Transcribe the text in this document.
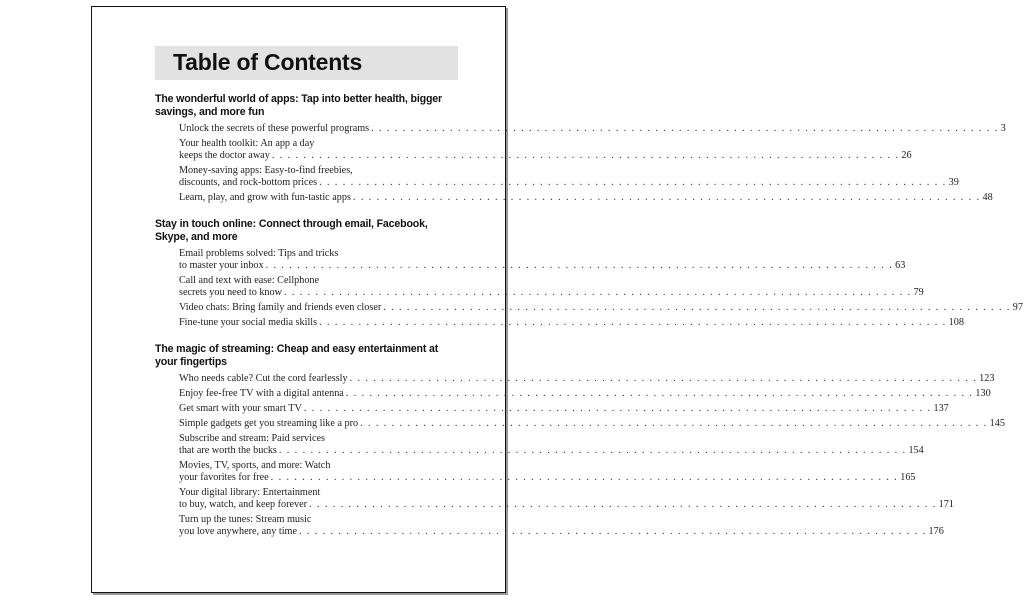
Table of Contents
The wonderful world of apps: Tap into better health, bigger savings, and more fun
Unlock the secrets of these powerful programs . . . . . . . . . . . . . . . . . . . . . . . . . . . . . . . . . . . . . . . . . . . . . . . . . . . . . . . . . . . . . . . . . . . . . . . . . . . . . . . . 3
Your health toolkit: An app a day
keeps the doctor away . . . . . . . . . . . . . . . . . . . . . . . . . . . . . . . . . . . . . . . . . . . . . . . . . . . . . . . . . . . . . . . . . . . . . . . . . . . . . . . . 26
Money-saving apps: Easy-to-find freebies,
discounts, and rock-bottom prices . . . . . . . . . . . . . . . . . . . . . . . . . . . . . . . . . . . . . . . . . . . . . . . . . . . . . . . . . . . . . . . . . . . . . . . . . . . . . . . . 39
Learn, play, and grow with fun-tastic apps . . . . . . . . . . . . . . . . . . . . . . . . . . . . . . . . . . . . . . . . . . . . . . . . . . . . . . . . . . . . . . . . . . . . . . . . . . . . . . . . 48
Stay in touch online: Connect through email, Facebook, Skype, and more
Email problems solved: Tips and tricks
to master your inbox . . . . . . . . . . . . . . . . . . . . . . . . . . . . . . . . . . . . . . . . . . . . . . . . . . . . . . . . . . . . . . . . . . . . . . . . . . . . . . . . 63
Call and text with ease: Cellphone
secrets you need to know . . . . . . . . . . . . . . . . . . . . . . . . . . . . . . . . . . . . . . . . . . . . . . . . . . . . . . . . . . . . . . . . . . . . . . . . . . . . . . . . 79
Video chats: Bring family and friends even closer . . . . . . . . . . . . . . . . . . . . . . . . . . . . . . . . . . . . . . . . . . . . . . . . . . . . . . . . . . . . . . . . . . . . . . . . . . . . . . . . 97
Fine-tune your social media skills . . . . . . . . . . . . . . . . . . . . . . . . . . . . . . . . . . . . . . . . . . . . . . . . . . . . . . . . . . . . . . . . . . . . . . . . . . . . . . . . 108
The magic of streaming: Cheap and easy entertainment at your fingertips
Who needs cable? Cut the cord fearlessly . . . . . . . . . . . . . . . . . . . . . . . . . . . . . . . . . . . . . . . . . . . . . . . . . . . . . . . . . . . . . . . . . . . . . . . . . . . . . . . . 123
Enjoy fee-free TV with a digital antenna . . . . . . . . . . . . . . . . . . . . . . . . . . . . . . . . . . . . . . . . . . . . . . . . . . . . . . . . . . . . . . . . . . . . . . . . . . . . . . . . 130
Get smart with your smart TV . . . . . . . . . . . . . . . . . . . . . . . . . . . . . . . . . . . . . . . . . . . . . . . . . . . . . . . . . . . . . . . . . . . . . . . . . . . . . . . . 137
Simple gadgets get you streaming like a pro . . . . . . . . . . . . . . . . . . . . . . . . . . . . . . . . . . . . . . . . . . . . . . . . . . . . . . . . . . . . . . . . . . . . . . . . . . . . . . . . 145
Subscribe and stream: Paid services
that are worth the bucks . . . . . . . . . . . . . . . . . . . . . . . . . . . . . . . . . . . . . . . . . . . . . . . . . . . . . . . . . . . . . . . . . . . . . . . . . . . . . . . . 154
Movies, TV, sports, and more: Watch
your favorites for free . . . . . . . . . . . . . . . . . . . . . . . . . . . . . . . . . . . . . . . . . . . . . . . . . . . . . . . . . . . . . . . . . . . . . . . . . . . . . . . . 165
Your digital library: Entertainment
to buy, watch, and keep forever . . . . . . . . . . . . . . . . . . . . . . . . . . . . . . . . . . . . . . . . . . . . . . . . . . . . . . . . . . . . . . . . . . . . . . . . . . . . . . . . 171
Turn up the tunes: Stream music
you love anywhere, any time . . . . . . . . . . . . . . . . . . . . . . . . . . . . . . . . . . . . . . . . . . . . . . . . . . . . . . . . . . . . . . . . . . . . . . . . . . . . . . . . 176
